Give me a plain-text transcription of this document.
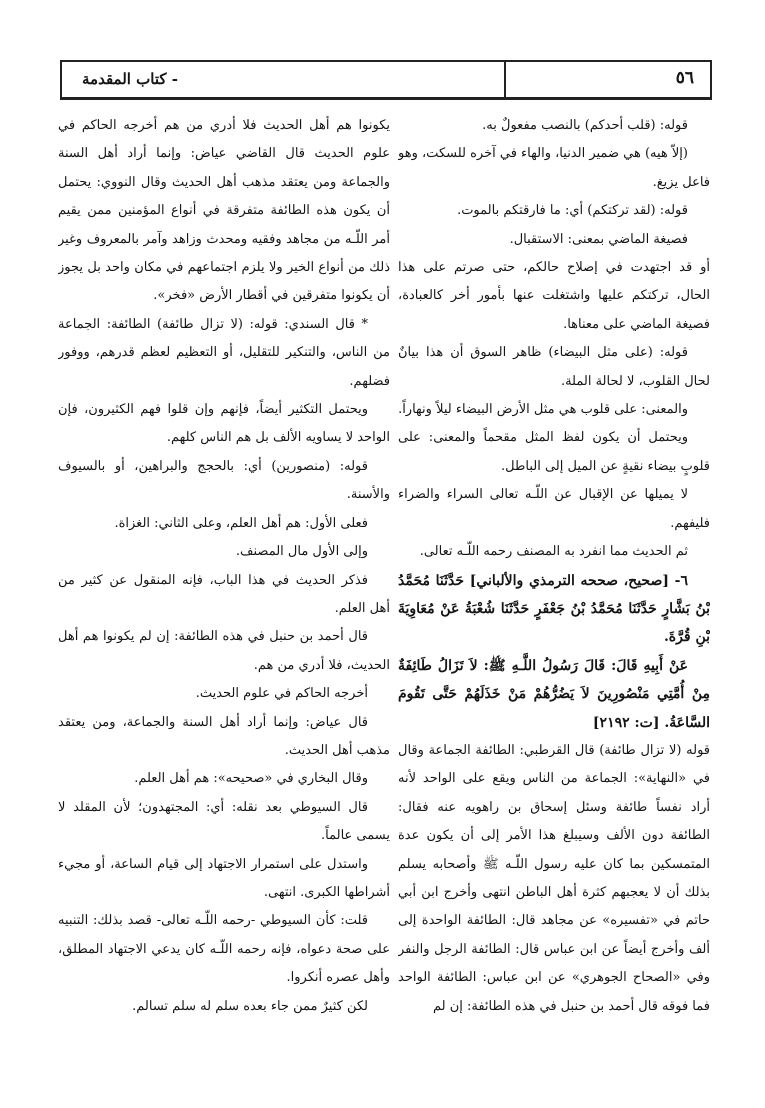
- كتاب المقدمة	٥٦

قوله: (قلب أحدكم) بالنصب مفعولٌ به.

(إلاّ هيه) هي ضمير الدنيا، والهاء في آخره للسكت، وهو فاعل يزيغ.

قوله: (لقد تركتكم) أي: ما فارقتكم بالموت.

فصيغة الماضي بمعنى: الاستقبال.

أو قد اجتهدت في إصلاح حالكم، حتى صرتم على هذا الحال، تركتكم عليها واشتغلت عنها بأمور أخر كالعبادة، فصيغة الماضي على معناها.

قوله: (على مثل البيضاء) ظاهر السوق أن هذا بيانٌ لحال القلوب، لا لحالة الملة.

والمعنى: على قلوب هي مثل الأرض البيضاء ليلاً ونهاراً.

ويحتمل أن يكون لفظ المثل مقحماً والمعنى: على قلوبٍ بيضاء نقيةٍ عن الميل إلى الباطل.

لا يميلها عن الإقبال عن اللّـه تعالى السراء والضراء فليفهم.

ثم الحديث مما انفرد به المصنف رحمه اللّـه تعالى.

٦- [صحيح، صححه الترمذي والألباني] حَدَّثَنَا مُحَمَّدُ بْنُ بَشَّارٍ حَدَّثَنَا مُحَمَّدُ بْنُ جَعْفَرٍ حَدَّثَنَا شُعْبَةُ عَنْ مُعَاوِيَةَ بْنِ قُرَّةَ.

عَنْ أَبِيهِ قَالَ: قَالَ رَسُولُ اللَّـهِ ﷺ: لاَ تَزَالُ طَائِفَةٌ مِنْ أُمَّتِي مَنْصُورِينَ لاَ يَضُرُّهُمْ مَنْ خَذَلَهُمْ حَتَّى تَقُومَ السَّاعَةُ. [ت: ٢١٩٢]

قوله (لا تزال طائفة) قال القرطبي: الطائفة الجماعة وقال في «النهاية»: الجماعة من الناس ويقع على الواحد لأنه أراد نفساً طائفة وسئل إسحاق بن راهويه عنه فقال: الطائفة دون الألف وسيبلغ هذا الأمر إلى أن يكون عدة المتمسكين بما كان عليه رسول اللّـه ﷺ وأصحابه يسلم بذلك أن لا يعجبهم كثرة أهل الباطن انتهى وأخرج ابن أبي حاتم في «تفسيره» عن مجاهد قال: الطائفة الواحدة إلى ألف وأخرج أيضاً عن ابن عباس قال: الطائفة الرجل والنفر وفي «الصحاح الجوهري» عن ابن عباس: الطائفة الواحد فما فوقه قال أحمد بن حنبل في هذه الطائفة: إن لم

يكونوا هم أهل الحديث فلا أدري من هم أخرجه الحاكم في علوم الحديث قال القاضي عياض: وإنما أراد أهل السنة والجماعة ومن يعتقد مذهب أهل الحديث وقال النووي: يحتمل أن يكون هذه الطائفة متفرقة في أنواع المؤمنين ممن يقيم أمر اللّـه من مجاهد وفقيه ومحدث وزاهد وآمر بالمعروف وغير ذلك من أنواع الخير ولا يلزم اجتماعهم في مكان واحد بل يجوز أن يكونوا متفرقين في أقطار الأرض «فخر».

* قال السندي: قوله: (لا تزال طائفة) الطائفة: الجماعة من الناس، والتنكير للتقليل، أو التعظيم لعظم قدرهم، ووفور فضلهم.

ويحتمل التكثير أيضاً، فإنهم وإن قلوا فهم الكثيرون، فإن الواحد لا يساويه الألف بل هم الناس كلهم.

قوله: (منصورين) أي: بالحجج والبراهين، أو بالسيوف والأسنة.

فعلى الأول: هم أهل العلم، وعلى الثاني: الغزاة.

وإلى الأول مال المصنف.

فذكر الحديث في هذا الباب، فإنه المنقول عن كثير من أهل العلم.

قال أحمد بن حنبل في هذه الطائفة: إن لم يكونوا هم أهل الحديث، فلا أدري من هم.

أخرجه الحاكم في علوم الحديث.

قال عياض: وإنما أراد أهل السنة والجماعة، ومن يعتقد مذهب أهل الحديث.

وقال البخاري في «صحيحه»: هم أهل العلم.

قال السيوطي بعد نقله: أي: المجتهدون؛ لأن المقلد لا يسمى عالماً.

واستدل على استمرار الاجتهاد إلى قيام الساعة، أو مجيء أشراطها الكبرى. انتهى.

قلت: كأن السيوطي -رحمه اللّـه تعالى- قصد بذلك: التنبيه على صحة دعواه، فإنه رحمه اللّـه كان يدعي الاجتهاد المطلق، وأهل عصره أنكروا.

لكن كثيرٌ ممن جاء بعده سلم له سلم تسالم.
